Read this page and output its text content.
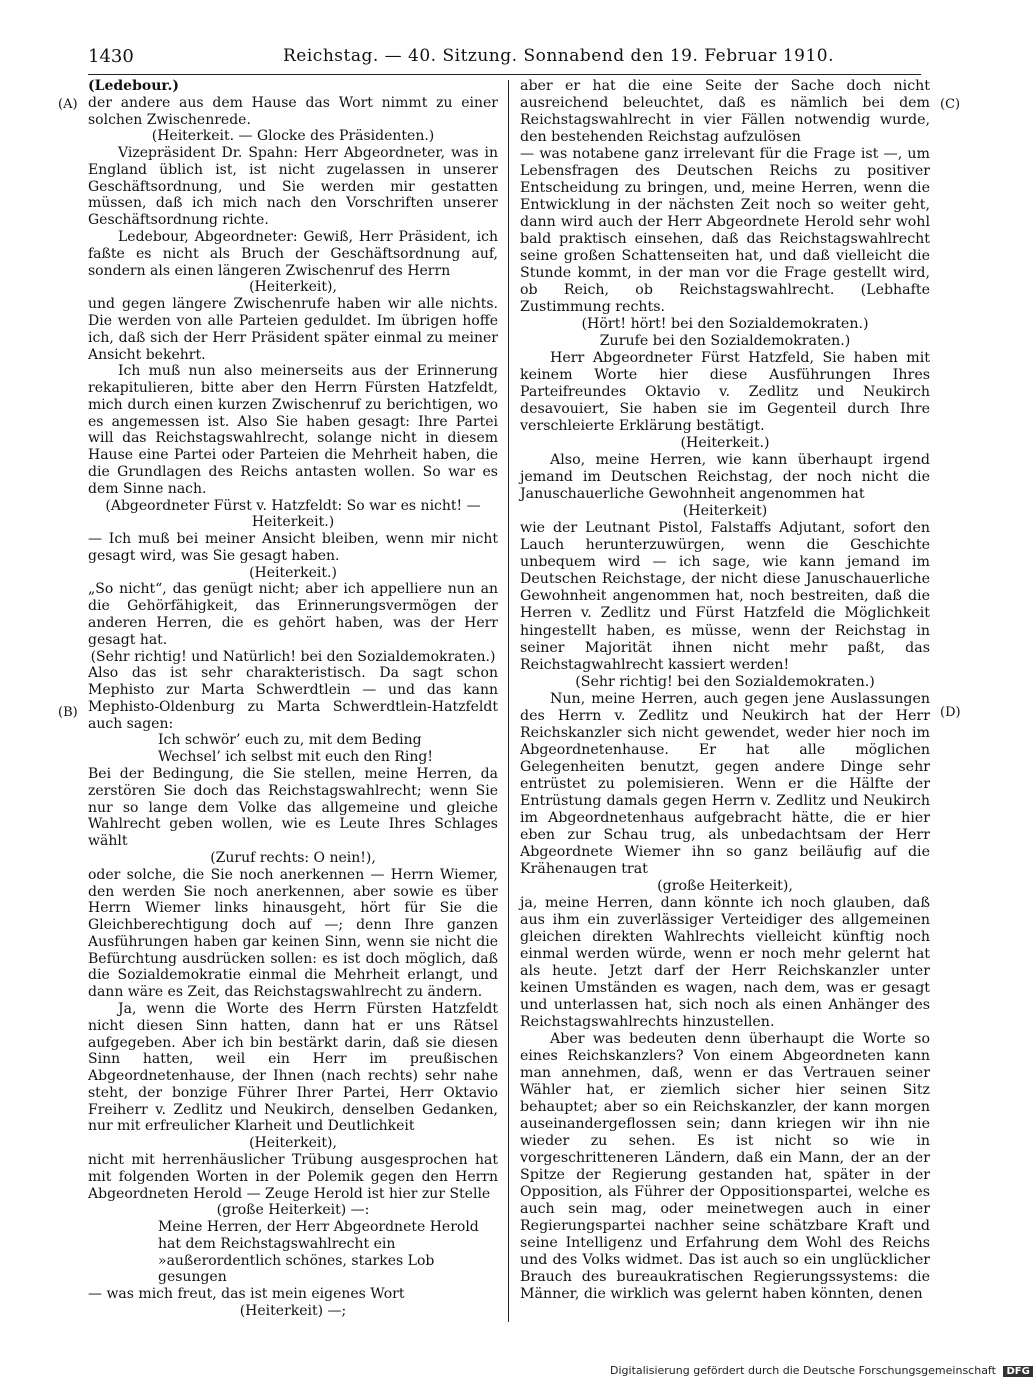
1430	Reichstag. — 40. Sitzung. Sonnabend den 19. Februar 1910.
(A)
(B)
(C)
(D)

(Ledebour.)

der andere aus dem Hause das Wort nimmt zu einer solchen Zwischenrede.

(Heiterkeit. — Glocke des Präsidenten.)

Vizepräsident Dr. Spahn: Herr Abgeordneter, was in England üblich ist, ist nicht zugelassen in unserer Geschäftsordnung, und Sie werden mir gestatten müssen, daß ich mich nach den Vorschriften unserer Geschäftsordnung richte.

Ledebour, Abgeordneter: Gewiß, Herr Präsident, ich faßte es nicht als Bruch der Geschäftsordnung auf, sondern als einen längeren Zwischenruf des Herrn

(Heiterkeit),

und gegen längere Zwischenrufe haben wir alle nichts. Die werden von alle Parteien geduldet. Im übrigen hoffe ich, daß sich der Herr Präsident später einmal zu meiner Ansicht bekehrt.

Ich muß nun also meinerseits aus der Erinnerung rekapitulieren, bitte aber den Herrn Fürsten Hatzfeldt, mich durch einen kurzen Zwischenruf zu berichtigen, wo es angemessen ist. Also Sie haben gesagt: Ihre Partei will das Reichstagswahlrecht, solange nicht in diesem Hause eine Partei oder Parteien die Mehrheit haben, die die Grundlagen des Reichs antasten wollen. So war es dem Sinne nach.

(Abgeordneter Fürst v. Hatzfeldt: So war es nicht! — Heiterkeit.)

— Ich muß bei meiner Ansicht bleiben, wenn mir nicht gesagt wird, was Sie gesagt haben.

(Heiterkeit.)

„So nicht“, das genügt nicht; aber ich appelliere nun an die Gehörfähigkeit, das Erinnerungsvermögen der anderen Herren, die es gehört haben, was der Herr gesagt hat.

(Sehr richtig! und Natürlich! bei den Sozialdemokraten.)

Also das ist sehr charakteristisch. Da sagt schon Mephisto zur Marta Schwerdtlein — und das kann Mephisto-Oldenburg zu Marta Schwerdtlein-Hatzfeldt auch sagen:

Ich schwör’ euch zu, mit dem Beding

Wechsel’ ich selbst mit euch den Ring!

Bei der Bedingung, die Sie stellen, meine Herren, da zerstören Sie doch das Reichstagswahlrecht; wenn Sie nur so lange dem Volke das allgemeine und gleiche Wahlrecht geben wollen, wie es Leute Ihres Schlages wählt

(Zuruf rechts: O nein!),

oder solche, die Sie noch anerkennen — Herrn Wiemer, den werden Sie noch anerkennen, aber sowie es über Herrn Wiemer links hinausgeht, hört für Sie die Gleichberechtigung doch auf —; denn Ihre ganzen Ausführungen haben gar keinen Sinn, wenn sie nicht die Befürchtung ausdrücken sollen: es ist doch möglich, daß die Sozialdemokratie einmal die Mehrheit erlangt, und dann wäre es Zeit, das Reichstagswahlrecht zu ändern.

Ja, wenn die Worte des Herrn Fürsten Hatzfeldt nicht diesen Sinn hatten, dann hat er uns Rätsel aufgegeben. Aber ich bin bestärkt darin, daß sie diesen Sinn hatten, weil ein Herr im preußischen Abgeordnetenhause, der Ihnen (nach rechts) sehr nahe steht, der bonzige Führer Ihrer Partei, Herr Oktavio Freiherr v. Zedlitz und Neukirch, denselben Gedanken, nur mit erfreulicher Klarheit und Deutlichkeit

(Heiterkeit),

nicht mit herrenhäuslicher Trübung ausgesprochen hat mit folgenden Worten in der Polemik gegen den Herrn Abgeordneten Herold — Zeuge Herold ist hier zur Stelle

(große Heiterkeit) —:

Meine Herren, der Herr Abgeordnete Herold hat dem Reichstagswahlrecht ein »außerordentlich schönes, starkes Lob gesungen

— was mich freut, das ist mein eigenes Wort

(Heiterkeit) —;

aber er hat die eine Seite der Sache doch nicht ausreichend beleuchtet, daß es nämlich bei dem Reichstagswahlrecht in vier Fällen notwendig wurde, den bestehenden Reichstag aufzulösen

— was notabene ganz irrelevant für die Frage ist —, um Lebensfragen des Deutschen Reichs zu positiver Entscheidung zu bringen, und, meine Herren, wenn die Entwicklung in der nächsten Zeit noch so weiter geht, dann wird auch der Herr Abgeordnete Herold sehr wohl bald praktisch einsehen, daß das Reichstagswahlrecht seine großen Schattenseiten hat, und daß vielleicht die Stunde kommt, in der man vor die Frage gestellt wird, ob Reich, ob Reichstagswahlrecht. (Lebhafte Zustimmung rechts.

(Hört! hört! bei den Sozialdemokraten.)

Zurufe bei den Sozialdemokraten.)

Herr Abgeordneter Fürst Hatzfeld, Sie haben mit keinem Worte hier diese Ausführungen Ihres Parteifreundes Oktavio v. Zedlitz und Neukirch desavouiert, Sie haben sie im Gegenteil durch Ihre verschleierte Erklärung bestätigt.

(Heiterkeit.)

Also, meine Herren, wie kann überhaupt irgend jemand im Deutschen Reichstag, der noch nicht die Januschauerliche Gewohnheit angenommen hat

(Heiterkeit)

wie der Leutnant Pistol, Falstaffs Adjutant, sofort den Lauch herunterzuwürgen, wenn die Geschichte unbequem wird — ich sage, wie kann jemand im Deutschen Reichstage, der nicht diese Januschauerliche Gewohnheit angenommen hat, noch bestreiten, daß die Herren v. Zedlitz und Fürst Hatzfeld die Möglichkeit hingestellt haben, es müsse, wenn der Reichstag in seiner Majorität ihnen nicht mehr paßt, das Reichstagwahlrecht kassiert werden!

(Sehr richtig! bei den Sozialdemokraten.)

Nun, meine Herren, auch gegen jene Auslassungen des Herrn v. Zedlitz und Neukirch hat der Herr Reichskanzler sich nicht gewendet, weder hier noch im Abgeordnetenhause. Er hat alle möglichen Gelegenheiten benutzt, gegen andere Dinge sehr entrüstet zu polemisieren. Wenn er die Hälfte der Entrüstung damals gegen Herrn v. Zedlitz und Neukirch im Abgeordnetenhaus aufgebracht hätte, die er hier eben zur Schau trug, als unbedachtsam der Herr Abgeordnete Wiemer ihn so ganz beiläufig auf die Krähenaugen trat

(große Heiterkeit),

ja, meine Herren, dann könnte ich noch glauben, daß aus ihm ein zuverlässiger Verteidiger des allgemeinen gleichen direkten Wahlrechts vielleicht künftig noch einmal werden würde, wenn er noch mehr gelernt hat als heute. Jetzt darf der Herr Reichskanzler unter keinen Umständen es wagen, nach dem, was er gesagt und unterlassen hat, sich noch als einen Anhänger des Reichstagswahlrechts hinzustellen.

Aber was bedeuten denn überhaupt die Worte so eines Reichskanzlers? Von einem Abgeordneten kann man annehmen, daß, wenn er das Vertrauen seiner Wähler hat, er ziemlich sicher hier seinen Sitz behauptet; aber so ein Reichskanzler, der kann morgen auseinandergeflossen sein; dann kriegen wir ihn nie wieder zu sehen. Es ist nicht so wie in vorgeschritteneren Ländern, daß ein Mann, der an der Spitze der Regierung gestanden hat, später in der Opposition, als Führer der Oppositionspartei, welche es auch sein mag, oder meinetwegen auch in einer Regierungspartei nachher seine schätzbare Kraft und seine Intelligenz und Erfahrung dem Wohl des Reichs und des Volks widmet. Das ist auch so ein unglücklicher Brauch des bureaukratischen Regierungssystems: die Männer, die wirklich was gelernt haben könnten, denen

Digitalisierung gefördert durch die Deutsche Forschungsgemeinschaft DFG
